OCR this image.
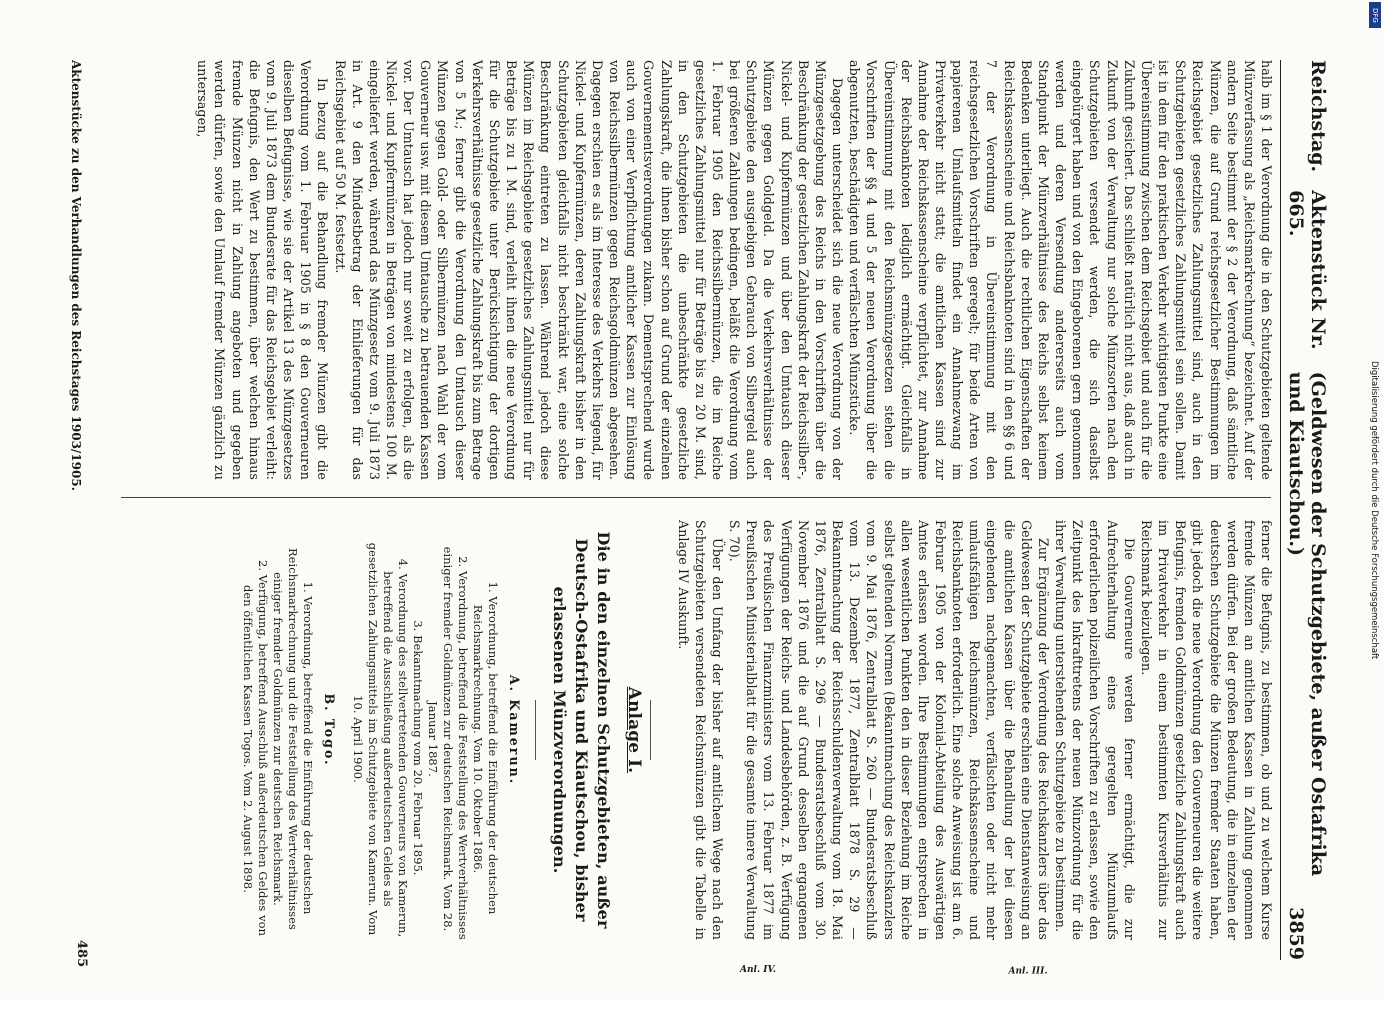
Reichstag.
Aktenstück Nr. 665.
(Geldwesen der Schutzgebiete, außer Ostafrika und Kiautschou.)
3859

halb im § 1 der Verordnung die in den Schutzgebieten geltende Münzverfassung als „Reichsmarkrechnung“ bezeichnet. Auf der andern Seite bestimmt der § 2 der Verordnung, daß sämtliche Münzen, die auf Grund reichsgesetzlicher Bestimmungen im Reichsgebiet gesetzliches Zahlungsmittel sind, auch in den Schutzgebieten gesetzliches Zahlungsmittel sein sollen. Damit ist in dem für den praktischen Verkehr wichtigsten Punkte eine Übereinstimmung zwischen dem Reichsgebiet und auch für die Zukunft gesichert. Das schließt natürlich nicht aus, daß auch in Zukunft von der Verwaltung nur solche Münzsorten nach den Schutzgebieten versendet werden, die sich daselbst eingebürgert haben und von den Eingeborenen gern genommen werden und deren Versendung andererseits auch vom Standpunkt der Münzverhältnisse des Reichs selbst keinem Bedenken unterliegt. Auch die rechtlichen Eigenschaften der Reichskassenscheine und Reichsbanknoten sind in den §§ 6 und 7 der Verordnung in Übereinstimmung mit den reichsgesetzlichen Vorschriften geregelt; für beide Arten von papierenen Umlaufsmitteln findet ein Annahmezwang im Privatverkehr nicht statt; die amtlichen Kassen sind zur Annahme der Reichskassenscheine verpflichtet, zur Annahme der Reichsbanknoten lediglich ermächtigt. Gleichfalls in Übereinstimmung mit den Reichsmünzgesetzen stehen die Vorschriften der §§ 4 und 5 der neuen Verordnung über die abgenutzten, beschädigten und verfälschten Münzstücke.

Dagegen unterscheidet sich die neue Verordnung von der Münzgesetzgebung des Reichs in den Vorschriften über die Beschränkung der gesetzlichen Zahlungskraft der Reichssilber-, Nickel- und Kupfermünzen und über den Umtausch dieser Münzen gegen Goldgeld. Da die Verkehrsverhältnisse der Schutzgebiete den ausgiebigen Gebrauch von Silbergeld auch bei größeren Zahlungen bedingen, beläßt die Verordnung vom 1. Februar 1905 den Reichssilbermünzen, die im Reiche gesetzliches Zahlungsmittel nur für Beträge bis zu 20 M. sind, in den Schutzgebieten die unbeschränkte gesetzliche Zahlungskraft, die ihnen bisher schon auf Grund der einzelnen Gouvernementsverordnungen zukam. Dementsprechend wurde auch von einer Verpflichtung amtlicher Kassen zur Einlösung von Reichssilbermünzen gegen Reichsgoldmünzen abgesehen. Dagegen erschien es als im Interesse des Verkehrs liegend, für Nickel- und Kupfermünzen, deren Zahlungskraft bisher in den Schutzgebieten gleichfalls nicht beschränkt war, eine solche Beschränkung eintreten zu lassen. Während jedoch diese Münzen im Reichsgebiete gesetzliches Zahlungsmittel nur für Beträge bis zu 1 M. sind, verleiht ihnen die neue Verordnung für die Schutzgebiete unter Berücksichtigung der dortigen Verkehrsverhältnisse gesetzliche Zahlungskraft bis zum Betrage von 5 M.; ferner gibt die Verordnung den Umtausch dieser Münzen gegen Gold- oder Silbermünzen nach Wahl der vom Gouverneur usw. mit diesem Umtausche zu betrauenden Kassen vor. Der Umtausch hat jedoch nur soweit zu erfolgen, als die Nickel- und Kupfermünzen in Beträgen von mindestens 100 M. eingeliefert werden, während das Münzgesetz vom 9. Juli 1873 in Art. 9 den Mindestbetrag der Einlieferungen für das Reichsgebiet auf 50 M. festsetzt.

In bezug auf die Behandlung fremder Münzen gibt die Verordnung vom 1. Februar 1905 in § 8 den Gouverneuren dieselben Befugnisse, wie sie der Artikel 13 des Münzgesetzes vom 9. Juli 1873 dem Bundesrate für das Reichsgebiet verleiht: die Befugnis, den Wert zu bestimmen, über welchen hinaus fremde Münzen nicht in Zahlung angeboten und gegeben werden dürfen, sowie den Umlauf fremder Münzen gänzlich zu untersagen,

ferner die Befugnis, zu bestimmen, ob und zu welchem Kurse fremde Münzen an amtlichen Kassen in Zahlung genommen werden dürfen. Bei der großen Bedeutung, die in einzelnen der deutschen Schutzgebiete die Münzen fremder Staaten haben, gibt jedoch die neue Verordnung den Gouverneuren die weitere Befugnis, fremden Goldmünzen gesetzliche Zahlungskraft auch im Privatverkehr in einem bestimmten Kursverhältnis zur Reichsmark beizulegen.

Die Gouverneure werden ferner ermächtigt, die zur Aufrechterhaltung eines geregelten Münzumlaufs erforderlichen polizeilichen Vorschriften zu erlassen, sowie den Zeitpunkt des Inkrafttretens der neuen Münzordnung für die ihrer Verwaltung unterstehenden Schutzgebiete zu bestimmen.

Zur Ergänzung der Verordnung des Reichskanzlers über das Geldwesen der Schutzgebiete erschien eine Dienstanweisung an die amtlichen Kassen über die Behandlung der bei diesen eingehenden nachgemachten, verfälschten oder nicht mehr umlaufsfähigen Reichsmünzen, Reichskassenscheine und Reichsbanknoten erforderlich. Eine solche Anweisung ist am 6. Februar 1905 von der Kolonial-Abteilung des Auswärtigen Amtes erlassen worden. Ihre Bestimmungen entsprechen in allen wesentlichen Punkten den in dieser Beziehung im Reiche selbst geltenden Normen (Bekanntmachung des Reichskanzlers vom 9. Mai 1876, Zentralblatt S. 260 — Bundesratsbeschluß vom 13. Dezember 1877, Zentralblatt 1878 S. 29 — Bekanntmachung der Reichsschuldenverwaltung vom 18. Mai 1876, Zentralblatt S. 296 — Bundesratsbeschluß vom 30. November 1876 und die auf Grund desselben ergangenen Verfügungen der Reichs- und Landesbehörden, z. B. Verfügung des Preußischen Finanzministers vom 13. Februar 1877 im Preußischen Ministerialblatt für die gesamte innere Verwaltung S. 70).

Über den Umfang der bisher auf amtlichem Wege nach den Schutzgebieten versendeten Reichsmünzen gibt die Tabelle in Anlage IV Auskunft.

Anlage I.
Die in den einzelnen Schutzgebieten, außer Deutsch-Ostafrika und Kiautschou, bisher erlassenen Münzverordnungen.
A. Kamerun.

1. Verordnung, betreffend die Einführung der deutschen Reichsmarkrechnung. Vom 10. Oktober 1886.

2. Verordnung, betreffend die Feststellung des Wertverhältnisses einiger fremder Goldmünzen zur deutschen Reichsmark. Vom 28. Januar 1887.

3. Bekanntmachung vom 20. Februar 1895.

4. Verordnung des stellvertretenden Gouverneurs von Kamerun, betreffend die Ausschließung außerdeutschen Geldes als gesetzlichen Zahlungsmittels im Schutzgebiete von Kamerun. Vom 10. April 1900.

B. Togo.

1. Verordnung, betreffend die Einführung der deutschen Reichsmarkrechnung und die Feststellung des Wertverhältnisses einiger fremder Goldmünzen zur deutschen Reichsmark.

2. Verfügung, betreffend Ausschluß außerdeutschen Geldes von den öffentlichen Kassen Togos. Vom 2. August 1898.

Anl. III.
Anl. IV.
Aktenstücke zu den Verhandlungen des Reichstages 1903/1905.
485
Digitalisierung gefördert durch die Deutsche Forschungsgemeinschaft
DFG
